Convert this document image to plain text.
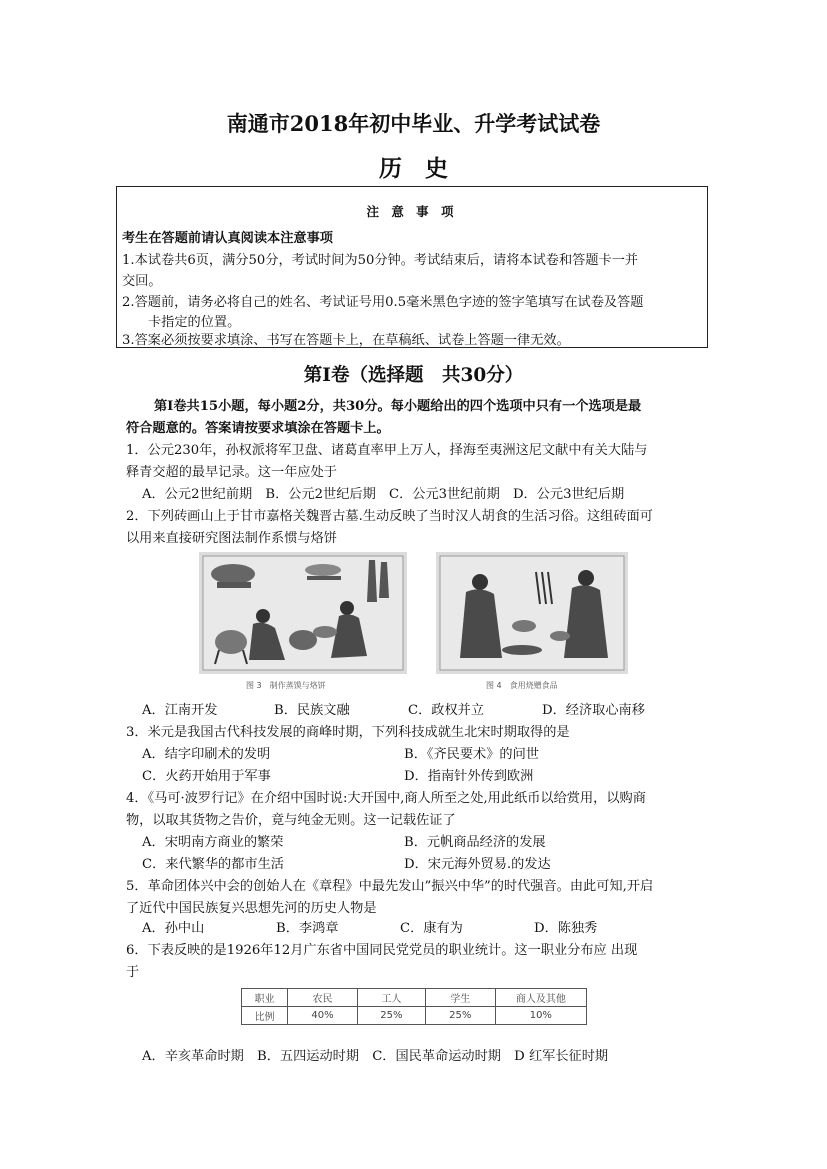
南通市2018年初中毕业、升学考试试卷
历　史
注 意 事 项
考生在答题前请认真阅读本注意事项
1.本试卷共6页，满分50分，考试时间为50分钟。考试结束后，请将本试卷和答题卡一并
交回。
2.答题前，请务必将自己的姓名、考试证号用0.5毫米黑色字迹的签字笔填写在试卷及答题
卡指定的位置。
3.答案必须按要求填涂、书写在答题卡上，在草稿纸、试卷上答题一律无效。
第Ⅰ卷（选择题　共30分）
第Ⅰ卷共15小题，每小题2分，共30分。每小题给出的四个选项中只有一个选项是最
符合题意的。答案请按要求填涂在答题卡上。
1．公元230年，孙权派将军卫盘、诸葛直率甲上万人，择海至夷洲这尼文献中有关大陆与
释青交超的最早记录。这一年应处于
A．公元2世纪前期　B．公元2世纪后期　C．公元3世纪前期　D．公元3世纪后期
2．下列砖画山上于甘市嘉格关魏晋古墓.生动反映了当时汉人胡食的生活习俗。这组砖面可
以用来直接研究图法制作系惯与烙饼
图 3　制作蒸馍与烙饼	图 4　食用烧赠食品
A．江南开发	B．民族文融	C．政权并立	D．经济取心南移
3．米元是我国古代科技发展的商峰时期，下列科技成就生北宋时期取得的是
A．结字印刷术的发明	B．《齐民要术》的问世
C．火药开始用于军事	D．指南针外传到欧洲
4．《马可·波罗行记》在介绍中国时说:大开国中,商人所至之处,用此纸币以给赏用，以购商
物，以取其货物之告价，竟与纯金无则。这一记载佐证了
A．宋明南方商业的繁荣	B．元帆商品经济的发展
C．来代繁华的都市生活	D．宋元海外贸易.的发达
5．革命团体兴中会的创始人在《章程》中最先发山”振兴中华”的时代强音。由此可知,开启
了近代中国民族复兴思想先河的历史人物是
A．孙中山	B．李鸿章	C．康有为	D．陈独秀
6．下表反映的是1926年12月广东省中国同民党党员的职业统计。这一职业分布应 出现
于
职业	农民	工人	学生	商人及其他
比例	40%	25%	25%	10%
A．辛亥革命时期　B．五四运动时期　C．国民革命运动时期　D 红军长征时期
